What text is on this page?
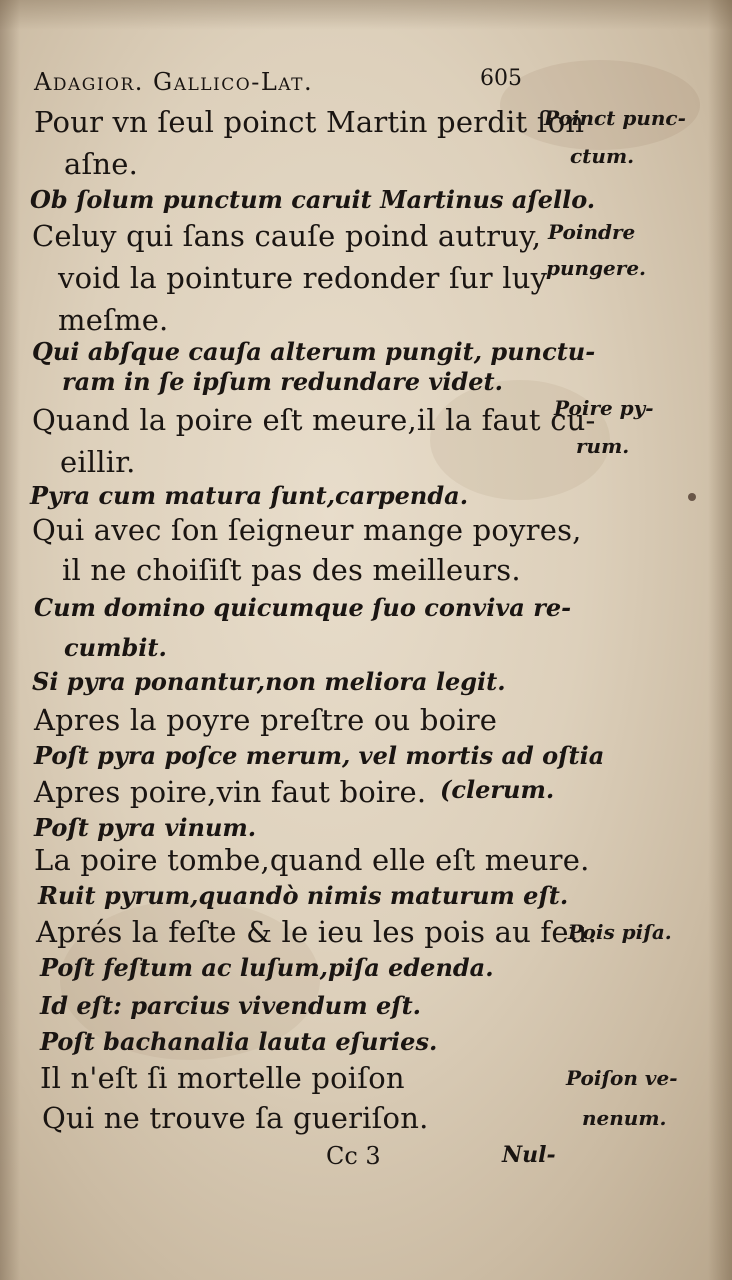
Adagior. Gallico-Lat.	605
Pour vn ſeul poinct Martin perdit ſon
aſne.
Ob ſolum punctum caruit Martinus aſello.
Celuy qui ſans cauſe poind autruy,
void la pointure redonder ſur luy
meſme.
Qui abſque cauſa alterum pungit, punctu-
ram in ſe ipſum redundare videt.
Quand la poire eſt meure,il la faut cu-
eillir.
Pyra cum matura ſunt,carpenda.
Qui avec ſon ſeigneur mange poyres,
il ne choiſiſt pas des meilleurs.
Cum domino quicumque ſuo conviva re-
cumbit.
Si pyra ponantur,non meliora legit.
Apres la poyre preſtre ou boire
Poſt pyra poſce merum, vel mortis ad oſtia
Apres poire,vin faut boire. (clerum.
Poſt pyra vinum.
La poire tombe,quand elle eſt meure.
Ruit pyrum,quandò nimis maturum eſt.
Aprés la feſte & le ieu les pois au feu.
Poſt feſtum ac luſum,piſa edenda.
Id eſt: parcius vivendum eſt.
Poſt bachanalia lauta eſuries.
Il n'eſt ſi mortelle poiſon
Qui ne trouve ſa gueriſon.
Poinct punc-
ctum.
Poindre
pungere.
Poire py-
rum.
Pois piſa.
Poiſon ve-
nenum.
Cc 3	Nul-
